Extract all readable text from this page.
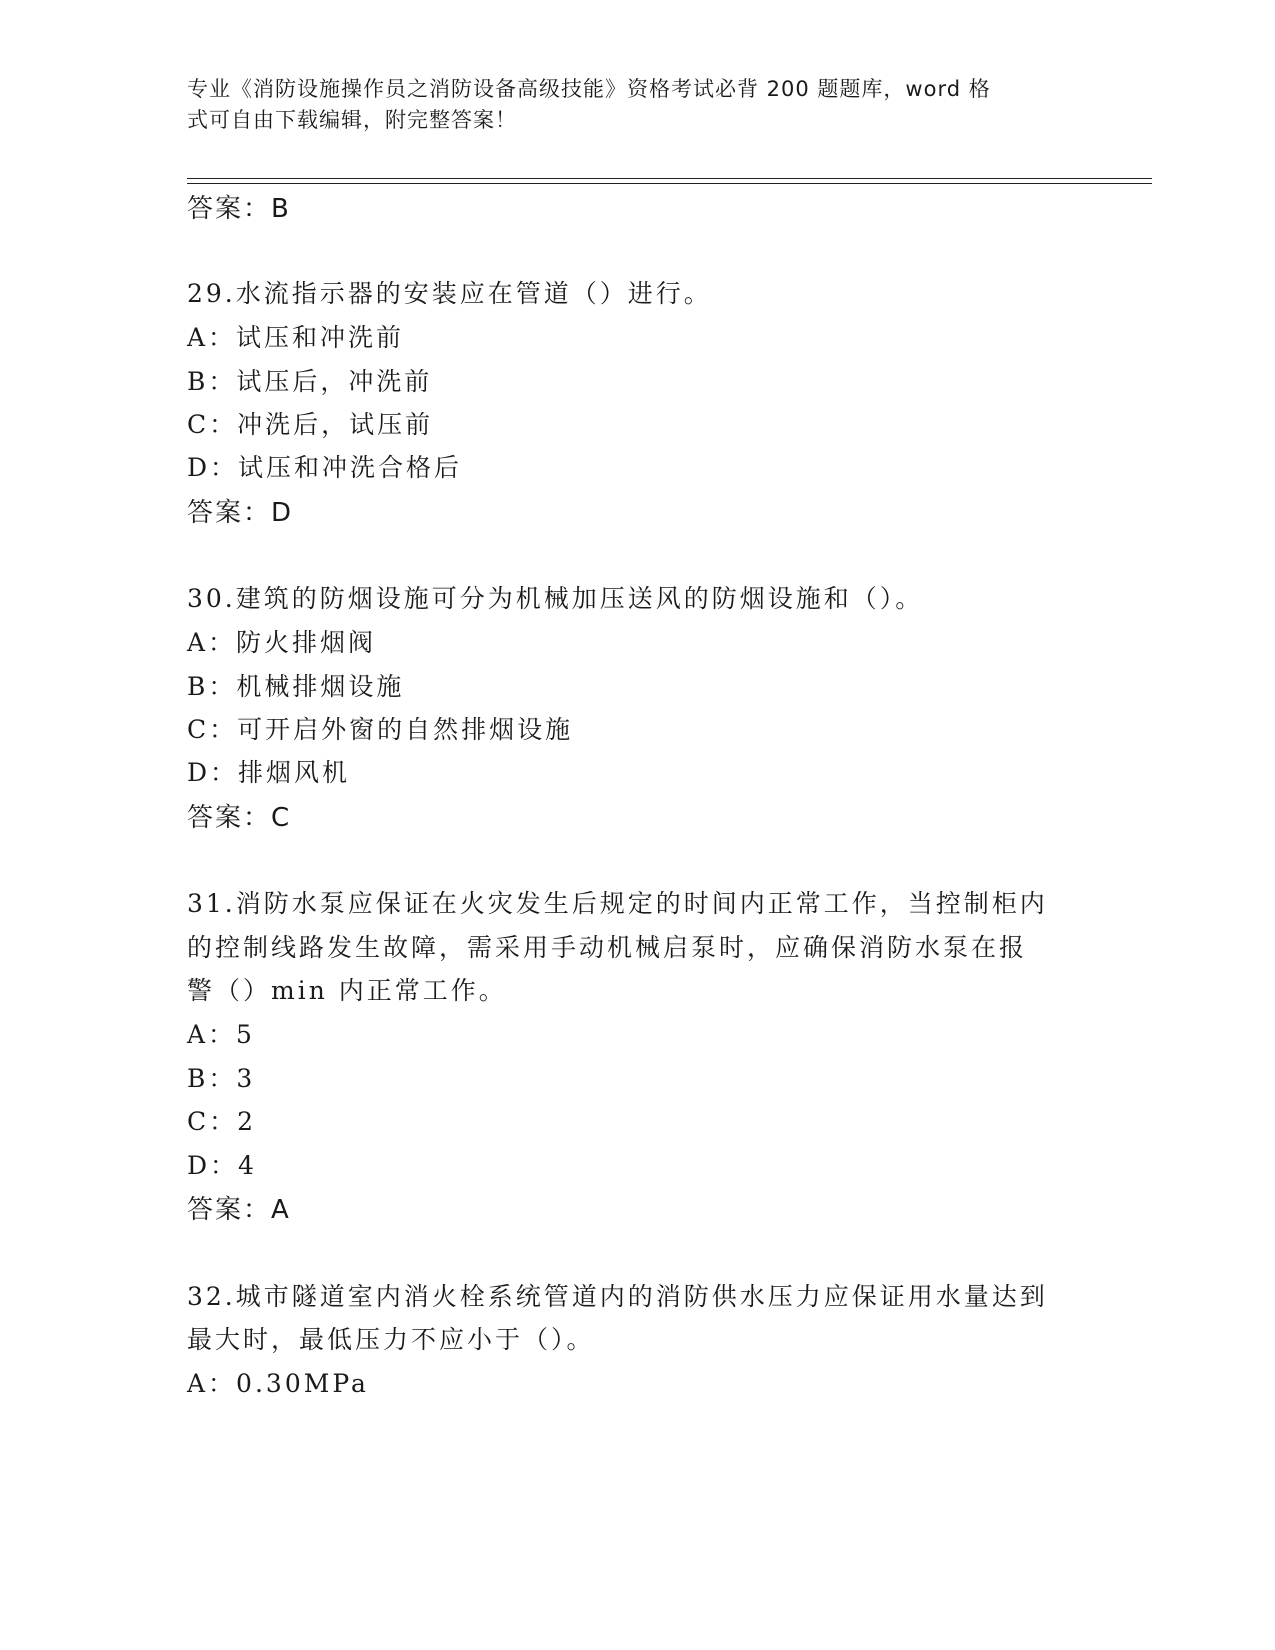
专业《消防设施操作员之消防设备高级技能》资格考试必背 200 题题库，word 格
式可自由下载编辑，附完整答案！
答案：B
29.水流指示器的安装应在管道（）进行。
A：试压和冲洗前
B：试压后，冲洗前
C：冲洗后，试压前
D：试压和冲洗合格后
答案：D
30.建筑的防烟设施可分为机械加压送风的防烟设施和（）。
A：防火排烟阀
B：机械排烟设施
C：可开启外窗的自然排烟设施
D：排烟风机
答案：C
31.消防水泵应保证在火灾发生后规定的时间内正常工作，当控制柜内
的控制线路发生故障，需采用手动机械启泵时，应确保消防水泵在报
警（）min 内正常工作。
A：5
B：3
C：2
D：4
答案：A
32.城市隧道室内消火栓系统管道内的消防供水压力应保证用水量达到
最大时，最低压力不应小于（）。
A：0.30MPa
